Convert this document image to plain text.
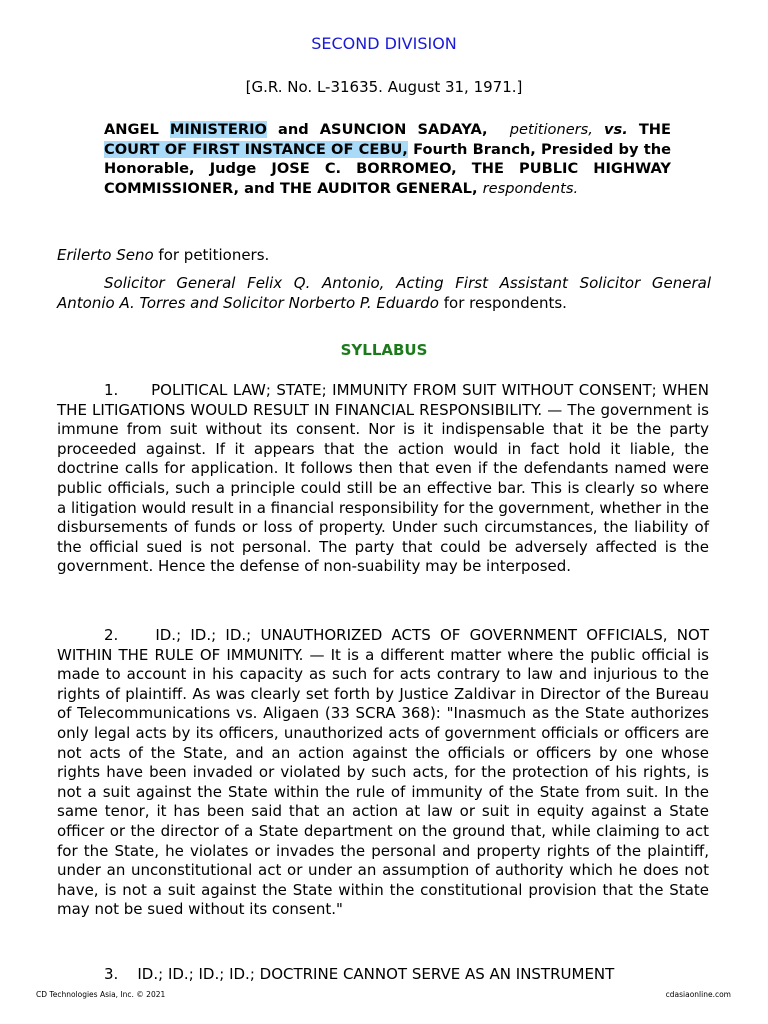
SECOND DIVISION
[G.R. No. L-31635. August 31, 1971.]
ANGEL MINISTERIO and ASUNCION SADAYA, petitioners, vs. THE COURT OF FIRST INSTANCE OF CEBU, Fourth Branch, Presided by the Honorable, Judge JOSE C. BORROMEO, THE PUBLIC HIGHWAY COMMISSIONER, and THE AUDITOR GENERAL, respondents.
Erilerto Seno for petitioners.
Solicitor General Felix Q. Antonio, Acting First Assistant Solicitor General Antonio A. Torres and Solicitor Norberto P. Eduardo for respondents.
SYLLABUS
1.      POLITICAL LAW; STATE; IMMUNITY FROM SUIT WITHOUT CONSENT; WHEN THE LITIGATIONS WOULD RESULT IN FINANCIAL RESPONSIBILITY. — The government is immune from suit without its consent. Nor is it indispensable that it be the party proceeded against. If it appears that the action would in fact hold it liable, the doctrine calls for application. It follows then that even if the defendants named were public officials, such a principle could still be an effective bar. This is clearly so where a litigation would result in a financial responsibility for the government, whether in the disbursements of funds or loss of property. Under such circumstances, the liability of the official sued is not personal. The party that could be adversely affected is the government. Hence the defense of non-suability may be interposed.
2.    ID.; ID.; ID.; UNAUTHORIZED ACTS OF GOVERNMENT OFFICIALS, NOT WITHIN THE RULE OF IMMUNITY. — It is a different matter where the public official is made to account in his capacity as such for acts contrary to law and injurious to the rights of plaintiff. As was clearly set forth by Justice Zaldivar in Director of the Bureau of Telecommunications vs. Aligaen (33 SCRA 368): "Inasmuch as the State authorizes only legal acts by its officers, unauthorized acts of government officials or officers are not acts of the State, and an action against the officials or officers by one whose rights have been invaded or violated by such acts, for the protection of his rights, is not a suit against the State within the rule of immunity of the State from suit. In the same tenor, it has been said that an action at law or suit in equity against a State officer or the director of a State department on the ground that, while claiming to act for the State, he violates or invades the personal and property rights of the plaintiff, under an unconstitutional act or under an assumption of authority which he does not have, is not a suit against the State within the constitutional provision that the State may not be sued without its consent."
3.    ID.; ID.; ID.; ID.; DOCTRINE CANNOT SERVE AS AN INSTRUMENT
CD Technologies Asia, Inc. © 2021	cdasiaonline.com
